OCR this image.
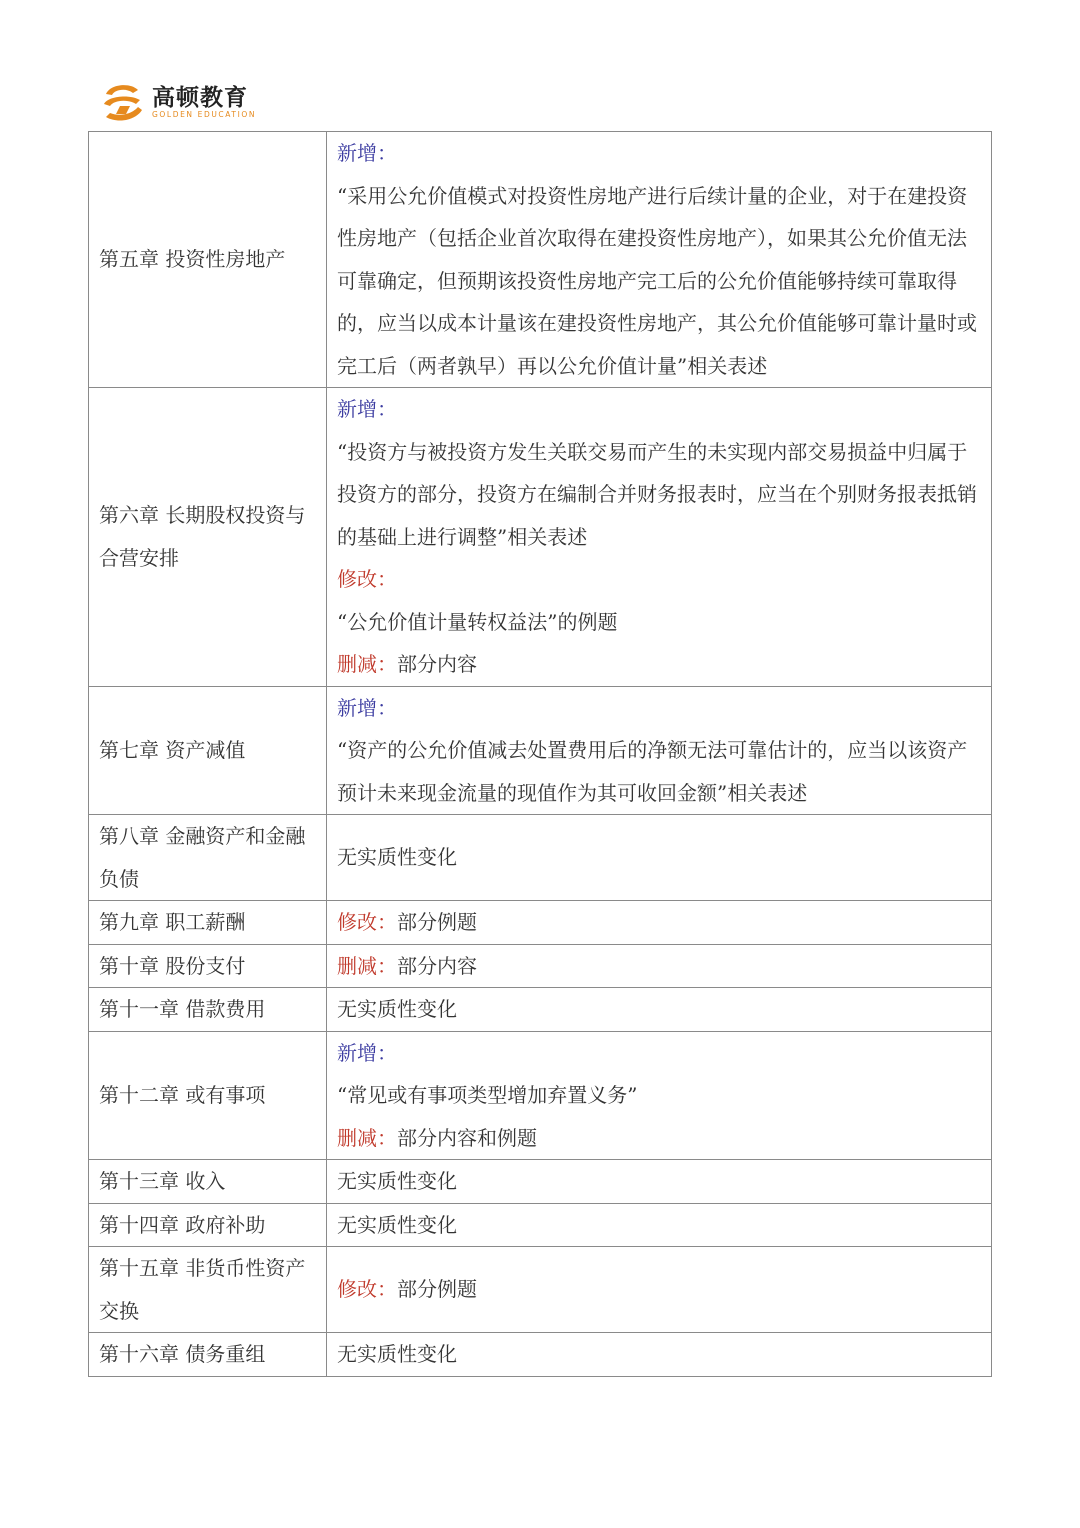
高顿教育
GOLDEN EDUCATION
第五章 投资性房地产	新增：
“采用公允价值模式对投资性房地产进行后续计量的企业，对于在建投资性房地产（包括企业首次取得在建投资性房地产），如果其公允价值无法可靠确定，但预期该投资性房地产完工后的公允价值能够持续可靠取得的，应当以成本计量该在建投资性房地产，其公允价值能够可靠计量时或完工后（两者孰早）再以公允价值计量”相关表述

第六章 长期股权投资与合营安排	新增：
“投资方与被投资方发生关联交易而产生的未实现内部交易损益中归属于投资方的部分，投资方在编制合并财务报表时，应当在个别财务报表抵销的基础上进行调整”相关表述
修改：
“公允价值计量转权益法”的例题
删减：部分内容

第七章 资产减值	新增：
“资产的公允价值减去处置费用后的净额无法可靠估计的，应当以该资产预计未来现金流量的现值作为其可收回金额”相关表述

第八章 金融资产和金融负债	无实质性变化

第九章 职工薪酬	修改：部分例题

第十章 股份支付	删减：部分内容

第十一章 借款费用	无实质性变化

第十二章 或有事项	新增：
“常见或有事项类型增加弃置义务”
删减：部分内容和例题

第十三章 收入	无实质性变化

第十四章 政府补助	无实质性变化

第十五章 非货币性资产交换	修改：部分例题

第十六章 债务重组	无实质性变化
